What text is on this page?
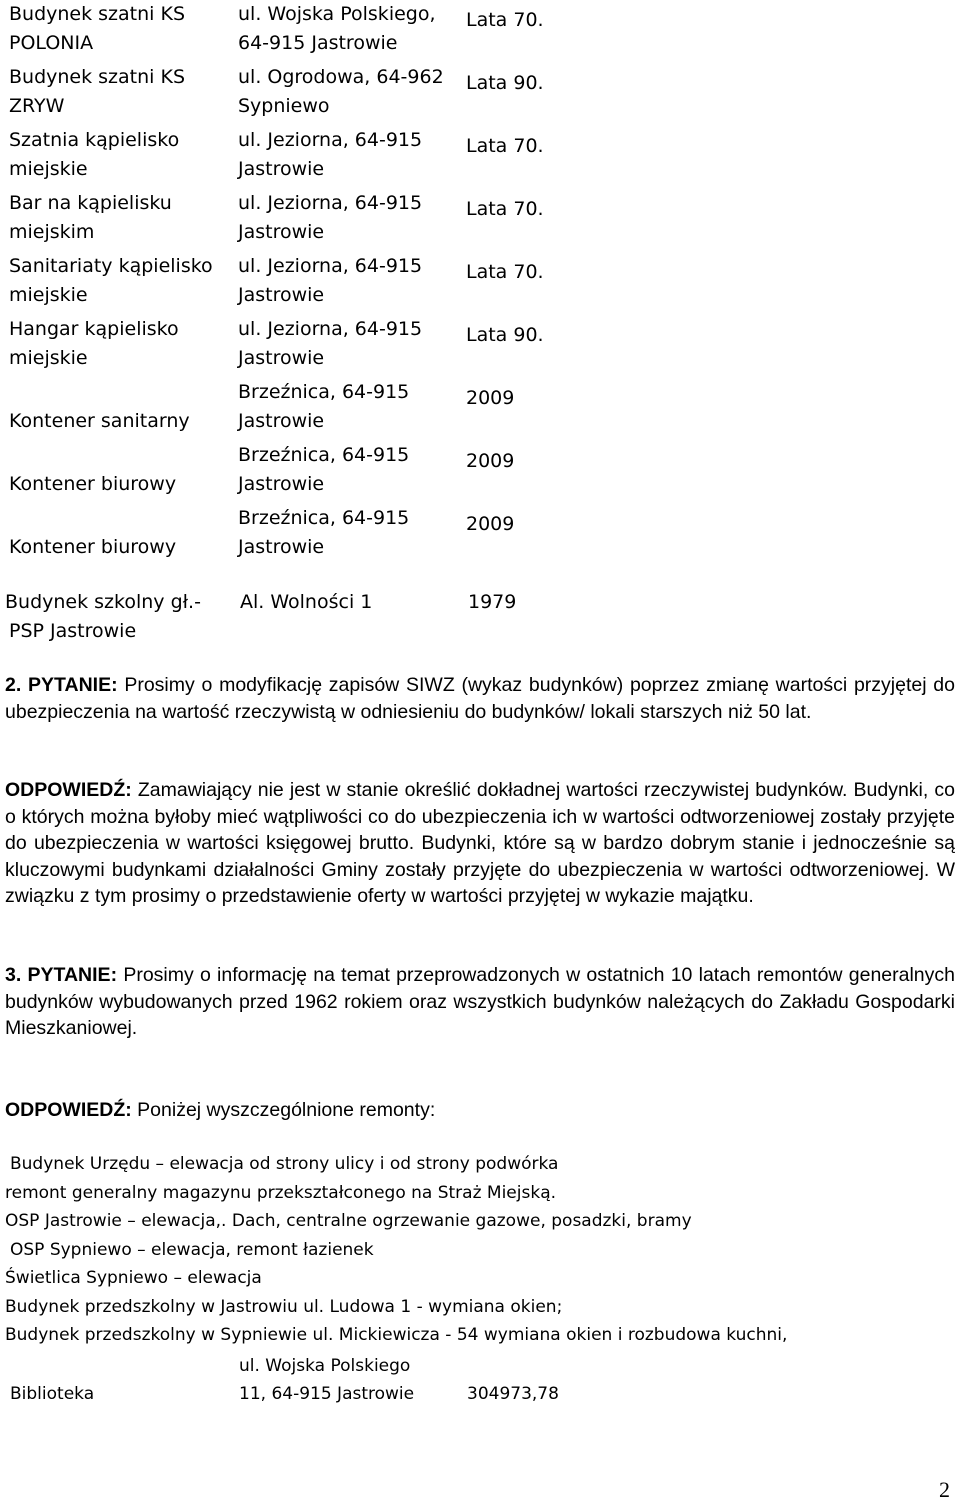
Budynek szatni KS
POLONIA
ul. Wojska Polskiego,
64-915 Jastrowie
Lata 70.
Budynek szatni KS
ZRYW
ul. Ogrodowa, 64-962
Sypniewo
Lata 90.
Szatnia kąpielisko
miejskie
ul. Jeziorna, 64-915
Jastrowie
Lata 70.
Bar na kąpielisku
miejskim
ul. Jeziorna, 64-915
Jastrowie
Lata 70.
Sanitariaty kąpielisko
miejskie
ul. Jeziorna, 64-915
Jastrowie
Lata 70.
Hangar kąpielisko
miejskie
ul. Jeziorna, 64-915
Jastrowie
Lata 90.

Kontener sanitarny
Brzeźnica, 64-915
Jastrowie
2009

Kontener biurowy
Brzeźnica, 64-915
Jastrowie
2009

Kontener biurowy
Brzeźnica, 64-915
Jastrowie
2009
Budynek szkolny gł.-
PSP Jastrowie
Al. Wolności 1	1979
2. PYTANIE: Prosimy o modyfikację zapisów SIWZ (wykaz budynków) poprzez zmianę wartości przyjętej do ubezpieczenia na wartość rzeczywistą w odniesieniu do budynków/ lokali starszych niż 50 lat.
ODPOWIEDŹ: Zamawiający nie jest w stanie określić dokładnej wartości rzeczywistej budynków. Budynki, co o których można byłoby mieć wątpliwości co do ubezpieczenia ich w wartości odtworzeniowej zostały przyjęte do ubezpieczenia w wartości księgowej brutto. Budynki, które są w bardzo dobrym stanie i jednocześnie są kluczowymi budynkami działalności Gminy zostały przyjęte do ubezpieczenia w wartości odtworzeniowej. W związku z tym prosimy o przedstawienie oferty w wartości przyjętej w wykazie majątku.
3. PYTANIE: Prosimy o informację na temat przeprowadzonych w ostatnich 10 latach remontów generalnych budynków wybudowanych przed 1962 rokiem oraz wszystkich budynków należących do Zakładu Gospodarki Mieszkaniowej.
ODPOWIEDŹ: Poniżej wyszczególnione remonty:
Budynek Urzędu – elewacja od strony ulicy i od strony podwórka
remont generalny magazynu przekształconego na Straż Miejską.
OSP Jastrowie – elewacja,. Dach, centralne ogrzewanie gazowe, posadzki, bramy
OSP Sypniewo – elewacja, remont łazienek
Świetlica Sypniewo – elewacja
Budynek przedszkolny w Jastrowiu ul. Ludowa 1 - wymiana okien;
Budynek przedszkolny w Sypniewie ul. Mickiewicza - 54 wymiana okien i rozbudowa kuchni,
Biblioteka
ul. Wojska Polskiego
11, 64-915 Jastrowie	304973,78
2
